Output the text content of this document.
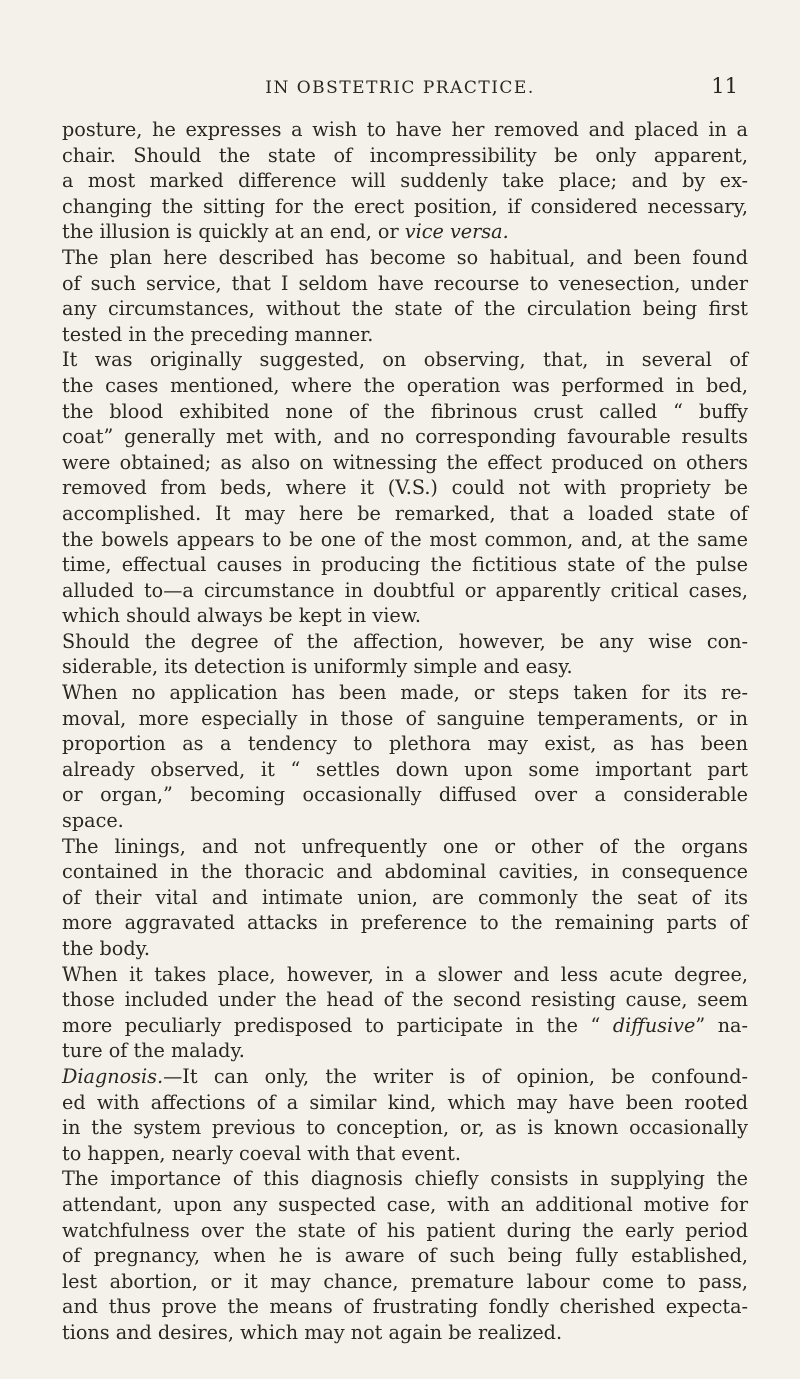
IN OBSTETRIC PRACTICE.	11
posture, he expresses a wish to have her removed and placed in a
chair. Should the state of incompressibility be only apparent,
a most marked difference will suddenly take place; and by ex-
changing the sitting for the erect position, if considered necessary,
the illusion is quickly at an end, or vice versa.
The plan here described has become so habitual, and been found
of such service, that I seldom have recourse to venesection, under
any circumstances, without the state of the circulation being first
tested in the preceding manner.
It was originally suggested, on observing, that, in several of
the cases mentioned, where the operation was performed in bed,
the blood exhibited none of the fibrinous crust called “ buffy
coat” generally met with, and no corresponding favourable results
were obtained; as also on witnessing the effect produced on others
removed from beds, where it (V.S.) could not with propriety be
accomplished. It may here be remarked, that a loaded state of
the bowels appears to be one of the most common, and, at the same
time, effectual causes in producing the fictitious state of the pulse
alluded to—a circumstance in doubtful or apparently critical cases,
which should always be kept in view.
Should the degree of the affection, however, be any wise con-
siderable, its detection is uniformly simple and easy.
When no application has been made, or steps taken for its re-
moval, more especially in those of sanguine temperaments, or in
proportion as a tendency to plethora may exist, as has been
already observed, it “ settles down upon some important part
or organ,” becoming occasionally diffused over a considerable
space.
The linings, and not unfrequently one or other of the organs
contained in the thoracic and abdominal cavities, in consequence
of their vital and intimate union, are commonly the seat of its
more aggravated attacks in preference to the remaining parts of
the body.
When it takes place, however, in a slower and less acute degree,
those included under the head of the second resisting cause, seem
more peculiarly predisposed to participate in the “ diffusive” na-
ture of the malady.
Diagnosis.—It can only, the writer is of opinion, be confound-
ed with affections of a similar kind, which may have been rooted
in the system previous to conception, or, as is known occasionally
to happen, nearly coeval with that event.
The importance of this diagnosis chiefly consists in supplying the
attendant, upon any suspected case, with an additional motive for
watchfulness over the state of his patient during the early period
of pregnancy, when he is aware of such being fully established,
lest abortion, or it may chance, premature labour come to pass,
and thus prove the means of frustrating fondly cherished expecta-
tions and desires, which may not again be realized.
